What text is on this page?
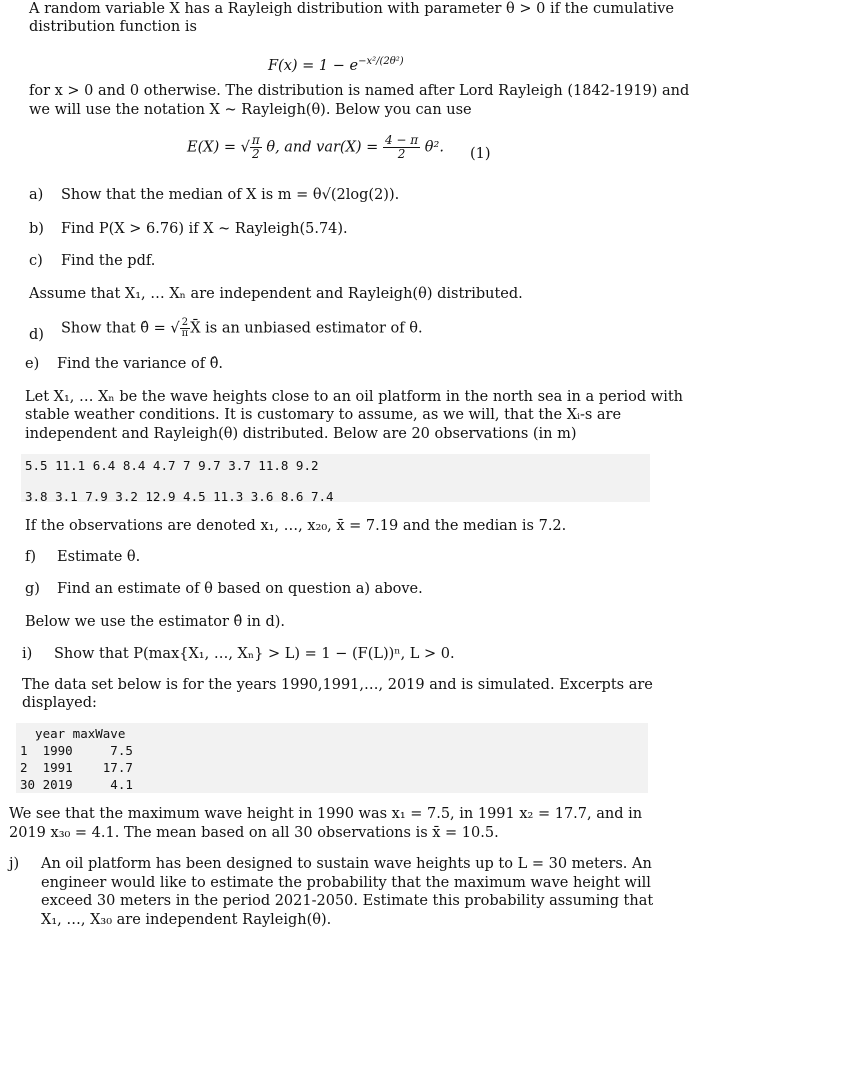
A random variable X has a Rayleigh distribution with parameter θ > 0 if the cumulative
distribution function is
$F(x) = 1 - e^{-x^2/(2\theta^2)}$
for x > 0 and 0 otherwise. The distribution is named after Lord Rayleigh (1842-1919) and
we will use the notation X ~ Rayleigh(θ). Below you can use
E(X) = √ $\frac{\pi}{2} \theta$, and $var(X) = \frac{4 - \pi}{2} \theta^2$. (1)
a) Show that the median of X is m = θ√(2log(2)).
b) Find P(X > 6.76) if X ~ Rayleigh(5.74).
c) Find the pdf.
Assume that X₁, … Xₙ are independent and Rayleigh(θ) distributed.
d) Show that θ̂ = √ $\frac{2}{\pi}$ X̄ is an unbiased estimator of θ.
e) Find the variance of θ̂.
Let X₁, … Xₙ be the wave heights close to an oil platform in the north sea in a period with
stable weather conditions. It is customary to assume, as we will, that the Xᵢ-s are
independent and Rayleigh(θ) distributed. Below are 20 observations (in m)
5.5 11.1 6.4 8.4 4.7 7 9.7 3.7 11.8 9.2
3.8 3.1 7.9 3.2 12.9 4.5 11.3 3.6 8.6 7.4
If the observations are denoted x₁, …, x₂₀, x̄ = 7.19 and the median is 7.2.
f) Estimate θ.
g) Find an estimate of θ based on question a) above.
Below we use the estimator θ̂ in d).
i) Show that P(max{X₁, …, Xₙ} > L) = 1 − (F(L))ⁿ, L > 0.
The data set below is for the years 1990,1991,…, 2019 and is simulated. Excerpts are
displayed:
year maxWave
1  1990     7.5
2  1991    17.7
30 2019     4.1
We see that the maximum wave height in 1990 was x₁ = 7.5, in 1991 x₂ = 17.7, and in
2019 x₃₀ = 4.1. The mean based on all 30 observations is x̄ = 10.5.
j) An oil platform has been designed to sustain wave heights up to L = 30 meters. An
engineer would like to estimate the probability that the maximum wave height will
exceed 30 meters in the period 2021-2050. Estimate this probability assuming that
X₁, …, X₃₀ are independent Rayleigh(θ).
